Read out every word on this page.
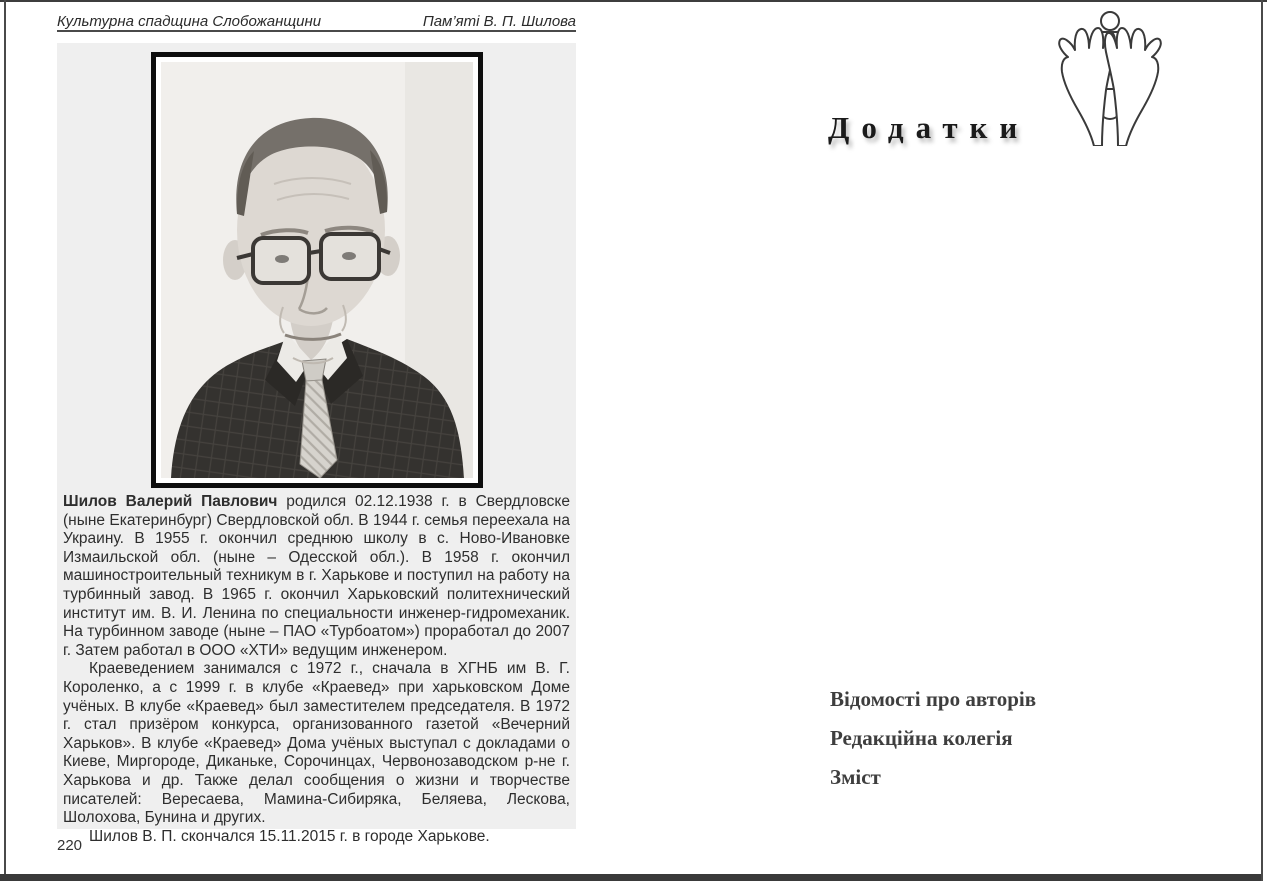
Культурна спадщина Слобожанщини	Пам’яті В. П. Шилова

Шилов Валерий Павлович родился 02.12.1938 г. в Свердловске (ныне Екатеринбург) Свердловской обл. В 1944 г. семья переехала на Украину. В 1955 г. окончил среднюю школу в с. Ново-Ивановке Измаильской обл. (ныне – Одесской обл.). В 1958 г. окончил машиностроительный техникум в г. Харькове и поступил на работу на турбинный завод. В 1965 г. окончил Харьковский политехнический институт им. В. И. Ленина по специальности инженер-гидромеханик. На турбинном заводе (ныне – ПАО «Турбоатом») проработал до 2007 г. Затем работал в ООО «ХТИ» ведущим инженером.

Краеведением занимался с 1972 г., сначала в ХГНБ им В. Г. Короленко, а с 1999 г. в клубе «Краевед» при харьковском Доме учёных. В клубе «Краевед» был заместителем председателя. В 1972 г. стал призёром конкурса, организованного газетой «Вечерний Харьков». В клубе «Краевед» Дома учёных выступал с докладами о Киеве, Миргороде, Диканьке, Сорочинцах, Червонозаводском р-не г. Харькова и др. Также делал сообщения о жизни и творчестве писателей: Вересаева, Мамина-Сибиряка, Беляева, Лескова, Шолохова, Бунина и других.

Шилов В. П. скончался 15.11.2015 г. в городе Харькове.

220
Додатки
Відомості про авторів
Редакційна колегія
Зміст
